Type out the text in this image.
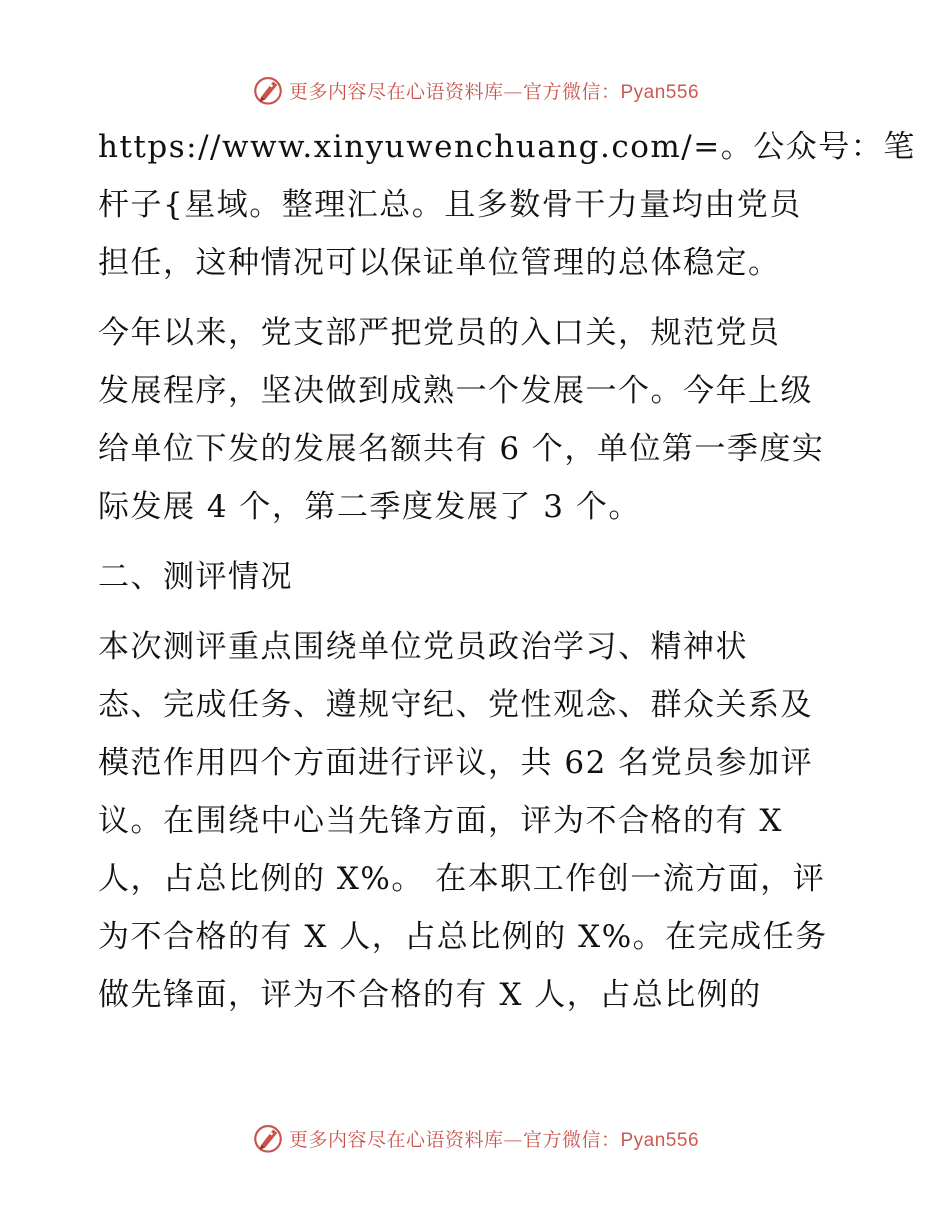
更多内容尽在心语资料库—官方微信：Pyan556
https://www.xinyuwenchuang.com/=。公众号：笔
杆子{星域。整理汇总。且多数骨干力量均由党员
担任，这种情况可以保证单位管理的总体稳定。
今年以来，党支部严把党员的入口关，规范党员
发展程序，坚决做到成熟一个发展一个。今年上级
给单位下发的发展名额共有 6 个，单位第一季度实
际发展 4 个，第二季度发展了 3 个。
二、测评情况
本次测评重点围绕单位党员政治学习、精神状
态、完成任务、遵规守纪、党性观念、群众关系及
模范作用四个方面进行评议，共 62 名党员参加评
议。在围绕中心当先锋方面，评为不合格的有 X
人，占总比例的 X%。 在本职工作创一流方面，评
为不合格的有 X 人，占总比例的 X%。在完成任务
做先锋面，评为不合格的有 X 人，占总比例的
更多内容尽在心语资料库—官方微信：Pyan556
